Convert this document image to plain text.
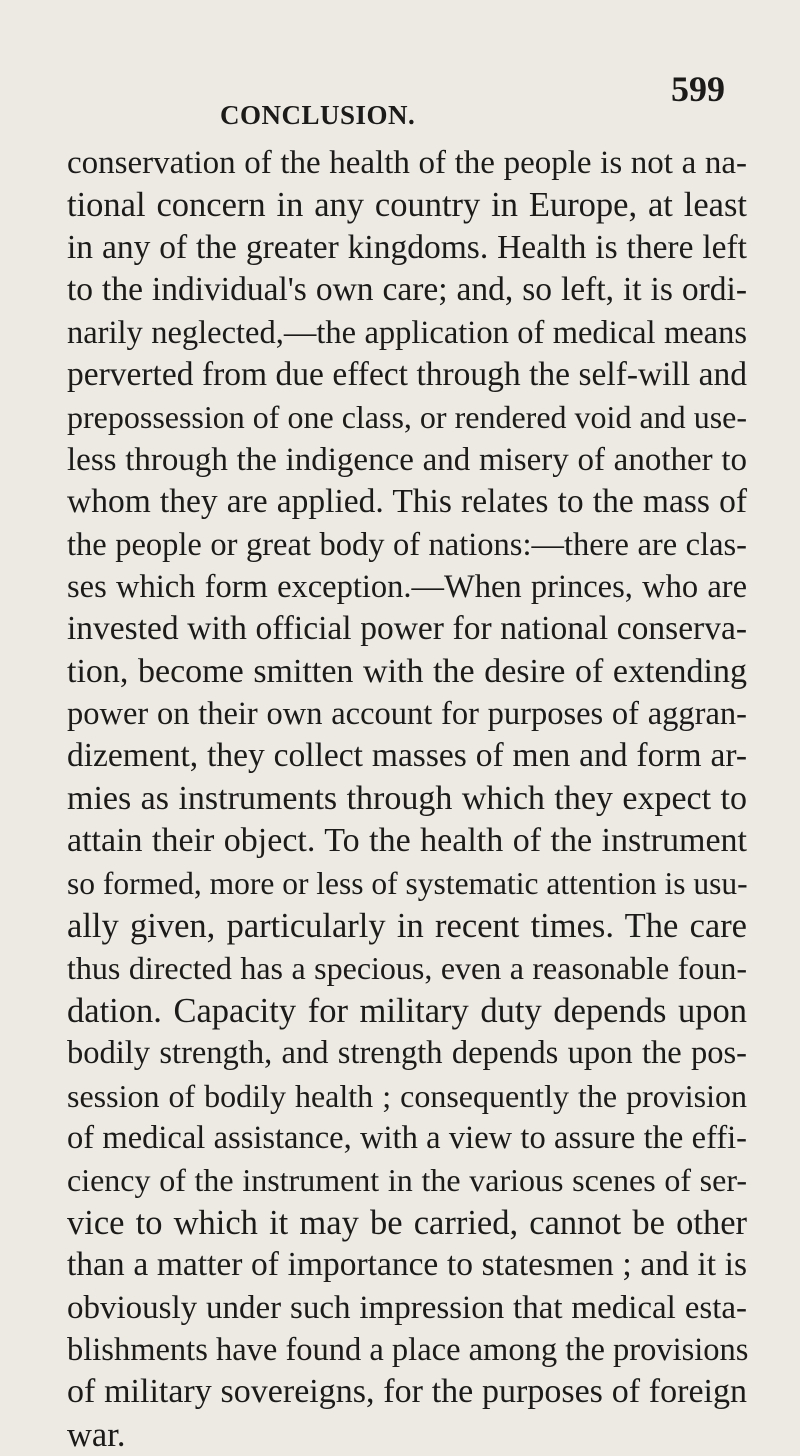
CONCLUSION.
599
conservation of the health of the people is not a na-
tional concern in any country in Europe, at least
in any of the greater kingdoms. Health is there left
to the individual's own care; and, so left, it is ordi-
narily neglected,—the application of medical means
perverted from due effect through the self-will and
prepossession of one class, or rendered void and use-
less through the indigence and misery of another to
whom they are applied. This relates to the mass of
the people or great body of nations:—there are clas-
ses which form exception.—When princes, who are
invested with official power for national conserva-
tion, become smitten with the desire of extending
power on their own account for purposes of aggran-
dizement, they collect masses of men and form ar-
mies as instruments through which they expect to
attain their object. To the health of the instrument
so formed, more or less of systematic attention is usu-
ally given, particularly in recent times. The care
thus directed has a specious, even a reasonable foun-
dation. Capacity for military duty depends upon
bodily strength, and strength depends upon the pos-
session of bodily health ; consequently the provision
of medical assistance, with a view to assure the effi-
ciency of the instrument in the various scenes of ser-
vice to which it may be carried, cannot be other
than a matter of importance to statesmen ; and it is
obviously under such impression that medical esta-
blishments have found a place among the provisions
of military sovereigns, for the purposes of foreign
war.
